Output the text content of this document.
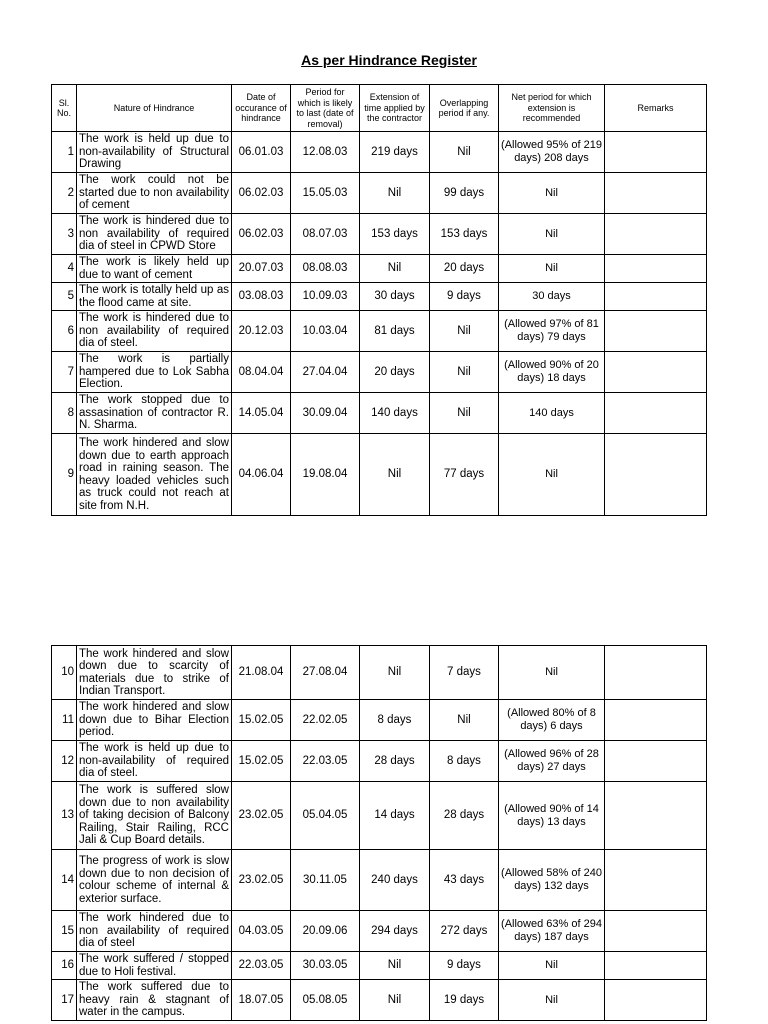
As per Hindrance Register
Sl. No.	Nature of Hindrance	Date of occurance of hindrance	Period for which is likely to last (date of removal)	Extension of time applied by the contractor	Overlapping period if any.	Net period for which extension is recommended	Remarks
1	The work is held up due to non-availability of Structural Drawing	06.01.03	12.08.03	219 days	Nil	(Allowed 95% of 219 days) 208 days	
2	The work could not be started due to non availability of cement	06.02.03	15.05.03	Nil	99 days	Nil	
3	The work is hindered due to non availability of required dia of steel in CPWD Store	06.02.03	08.07.03	153 days	153 days	Nil	
4	The work is likely held up due to want of cement	20.07.03	08.08.03	Nil	20 days	Nil	
5	The work is totally held up as the flood came at site.	03.08.03	10.09.03	30 days	9 days	30 days	
6	The work is hindered due to non availability of required dia of steel.	20.12.03	10.03.04	81 days	Nil	(Allowed 97% of 81 days) 79 days	
7	The work is partially hampered due to Lok Sabha Election.	08.04.04	27.04.04	20 days	Nil	(Allowed 90% of 20 days) 18 days	
8	The work stopped due to assasination of contractor R. N. Sharma.	14.05.04	30.09.04	140 days	Nil	140 days	
9	The work hindered and slow down due to earth approach road in raining season. The heavy loaded vehicles such as truck could not reach at site from N.H.	04.06.04	19.08.04	Nil	77 days	Nil	
10	The work hindered and slow down due to scarcity of materials due to strike of Indian Transport.	21.08.04	27.08.04	Nil	7 days	Nil	
11	The work hindered and slow down due to Bihar Election period.	15.02.05	22.02.05	8 days	Nil	(Allowed 80% of 8 days) 6 days	
12	The work is held up due to non-availability of required dia of steel.	15.02.05	22.03.05	28 days	8 days	(Allowed 96% of 28 days) 27 days	
13	The work is suffered slow down due to non availability of taking decision of Balcony Railing, Stair Railing, RCC Jali & Cup Board details.	23.02.05	05.04.05	14 days	28 days	(Allowed 90% of 14 days) 13 days	
14	The progress of work is slow down due to non decision of colour scheme of internal & exterior surface.	23.02.05	30.11.05	240 days	43 days	(Allowed 58% of 240 days) 132 days	
15	The work hindered due to non availability of required dia of steel	04.03.05	20.09.06	294 days	272 days	(Allowed 63% of 294 days) 187 days	
16	The work suffered / stopped due to Holi festival.	22.03.05	30.03.05	Nil	9 days	Nil	
17	The work suffered due to heavy rain & stagnant of water in the campus.	18.07.05	05.08.05	Nil	19 days	Nil	
